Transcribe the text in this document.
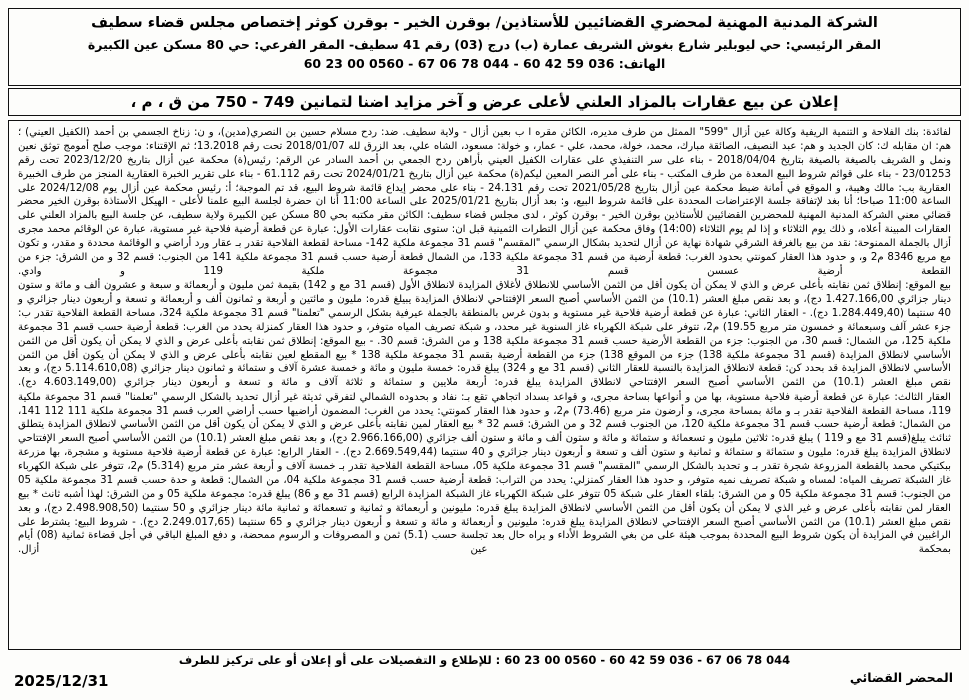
الشركة المدنية المهنية لمحضري القضائيين للأستاذين/ بوقرن الخير - بوقرن كوثر إختصاص مجلس قضاء سطيف
المقر الرئيسي: حي ليوبلير شارع بغوش الشريف عمارة (ب) درج (03) رقم 41 سطيف- المقر الفرعي: حي 80 مسكن عين الكبيرة
الهاتف: 036 59 42 60 - 044 78 06 67 - 0560 00 23 60
إعلان عن بيع عقارات بالمزاد العلني لأعلى عرض و آخر مزايد اضنا لتمانين 749 - 750 من ق ، م ،

لفائدة: بنك الفلاحة و التنمية الريفية وكالة عين أزال "599" الممثل من طرف مديره، الكائن مقره ا ب بعين أزال - ولاية سطيف. ضد: ردح مسلام حسين بن النصري(مدين)، و ن: زناخ الجسمي بن أحمد (الكفيل العيني) ؛ هم: ان مقابله ك: كان الجديد و هم: عبد النصيف، الصائقة مبارك، محمد، خولة، محمد، علي - عمار، و خولة: مسعود، الشاه علي، بعد الزرق لله 2018/01/07 تحت رقم 13.2018؛ ثم الإقتناء: موجب صلح أمومج توثق نعين ونمل و الشريف بالصيغة بالصيغة بتاريخ 2018/04/04 - بناء على سر التنفيذي على عقارات الكفيل العيني بأراهن ردح الجمعي بن أحمد السادر عن الرقم: رئيس(ة) محكمة عين أزال بتاريخ 2023/12/20 تحت رقم 23/01253 - بناء على قوائم شروط البيع المعدة من طرف المكتب - بناء على أمر النصر المعين ليكم(ة) محكمة عين أزال بتاريخ 2024/01/21 تحت رقم 61.112 - بناء على تقرير الخبرة العقارية المنجز من طرف الخبيرة العقارية بب: مالك وهيبة، و الموقع في أمانة ضبط محكمة عين أزال بتاريخ 2021/05/28 تحت رقم 24.131 - بناء على محضر إيداع قائمة شروط البيع، قد تم الموجبة؛ أ: رئيس محكمة عين أزال يوم 2024/12/08 على الساعة 11:00 صباحا؛ أنا بغد لإتفاقة جلسة الإعتراضات المحددة على قائمة شروط البيع، و: بعد أزال بتاريخ 2025/01/21 على الساعة 11:00 أنا ان حضرة لجلسة البيع علمنا لأعلى - الهيكل الأستاذة بوقرن الخير محضر قضائي معني الشركة المدنية المهنية للمحضرين القضائيين للأستاذين بوقرن الخير - بوقرن كوثر ، لدى مجلس قضاء سطيف: الكائن مقر مكتبه بحي 80 مسكن عين الكبيرة ولاية سطيف، عن جلسة البيع بالمزاد العلني على العقارات المبينة أعلاه، و ذلك يوم الثلاثاء و إذا لم يوم الثلاثاء (14:00) وفاق محكمة عين أزال التطرات الثمينية قبل ان: ستوى نقابت عقارات الأول: عبارة عن قطعة أرضية فلاحية غير مستوية، عبارة عن الوقائم محمد مجرى أزال بالجملة الممنوحة: نقد من بيع بالغرفة الشرقي شهادة نهاية عن أزال لتحديد بشكال الرسمي "المقسم" قسم 31 مجموعة ملكية 142- مساحة لقطعة الفلاحية تقدر بـ عقار ورد أراضي و الوقائمة محددة و مقدر، و تكون مع مربع 8346 م2 و، و حدود هذا العقار كمونتي بحدود الغرب: قطعة أرضية من قسم 31 مجموعة ملكية 133، من الشمال قطعة أرضية حسب قسم 31 مجموعة ملكية 141 من الجنوب: قسم 32 و من الشرق: جزء من القطعة أرضية عسسن قسم 31 مجموعة ملكية 119 و وادي.

بيع الموقع: إنطلاق ثمن نقابته بأعلى عرض و الذي لا يمكن أن يكون أقل من الثمن الأساسي للانطلاق لأغلاق المزايدة لانطلاق الأول (قسم 31 مع و 142) بقيمة ثمن مليون و أربعمائة و سبعة و عشرون ألف و مائة و ستون دينار جزائري 1.427.166,00 دج)، و بعد نقص مبلغ العشر (10.1) من الثمن الأساسي أصبح السعر الإفتتاحي لانطلاق المزايدة يبيلغ قدره: مليون و مائتين و أربعة و ثمانون ألف و أربعمائة و تسعة و أربعون دينار جزائري و 40 سنتيما (1.284.449,40 دج). - العقار الثاني: عبارة عن قطعة أرضية فلاحية غير مستوية و بدون غرس بالمنطقة بالجملة عيرفية بشكل الرسمي "تعلمنا" قسم 31 مجموعة ملكية 324، مساحة القطعة الفلاحية تقدر ب: جزء عشر آلف وسبعمائة و خمسون متر مربع 19.55) م2، تتوفر على شبكة الكهرباء غاز السنوية غير محدد، و شبكة تصريف المياه متوفر، و حدود هذا العقار كمنزلة يحدد من الغرب: قطعة أرضية حسب قسم 31 مجموعة ملكية 125، من الشمال: قسم 30، من الجنوب: جزء من القطعة الأرضية حسب قسم 31 مجموعة ملكية 138 و من الشرق: قسم 30. - بيع الموقع: إنطلاق ثمن نقابته بأعلى عرض و الذي لا يمكن أن يكون أقل من الثمن الأساسي لانطلاق المزايدة (قسم 31 مجموعة ملكية 138) جزء من الموقع 138) جزء من القطعة أرضية بقسم 31 مجموعة ملكية 138 * بيع المقطع لعين نقابته بأعلى عرض و الذي لا يمكن أن يكون أقل من الثمن الأساسي لانطلاق المزايدة قد بحدد كن: قطعة لانطلاق المزايدة بالنسبة للعقار الثاني (قسم 31 مع و 324) يبلغ قدره: خمسة مليون و مائة و خمسة عشرة آلاف و ستمائة و ثمانون دينار جزائري (5.114.610,08 دج)، و بعد نقص مبلغ العشر (10.1) من الثمن الأساسي أصبح السعر الإفتتاحي لانطلاق المزايدة يبلغ قدره: أربعة ملايين و ستمائة و ثلاثة آلاف و مائة و تسعة و أربعون دينار جزائري (4.603.149,00 دج).

العقار الثالث: عبارة عن قطعة أرضية فلاحية مستوية، بها من و أنواعها بساحة مجرى، و قواعد بسداد اتجاهي تقع بـ: نفاد و بحدوده الشمالي لتفرقي ثديثة غير أزال تحديد بالشكل الرسمي "تعلمنا" قسم 31 مجموعة ملكية 119، مساحة القطعة الفلاحية تقدر بـ و مائة بمساحة مجرى، و أرضون متر مربع (73.46) م2، و حدود هذا العقار كمونتي: يحدد من الغرب: المضمون أراضيها حسب أراضي العرب قسم 31 مجموعة ملكية 111 112 141، من الشمال: قطعة أرضية حسب قسم 31 مجموعة ملكية 120، من الجنوب قسم 32 و من الشرق: قسم 32 * بيع العقار لمين نقابته بأعلى عرض و الذي لا يمكن أن يكون أقل من الثمن الأساسي لانطلاق المزايدة يتطلق ثنائث يبلغ(قسم 31 مع و 119 ) يبلغ قدره: ثلاثين مليون و تسعمائة و ستمائة و مائة و ستون ألف و مائة و ستون ألف جزائري (2.966.166,00 دج)، و بعد نقص مبلغ العشر (10.1) من الثمن الأساسي أصبح السعر الإفتتاحي لانطلاق المزايدة يبلغ قدره: مليون و ستمائة و ستمائة و ثمانية و ستون ألف و تسعة و أربعون دينار جزائري و 40 سنتيما (2.669.549,44 دج). - العقار الرابع: عبارة عن قطعة أرضية فلاحية مستوية و مشجرة، بها مزرعة ببكتيكي محمد بالقطعة المزروعة شجرة تقدر بـ و تحديد بالشكل الرسمي "المقسم" قسم 31 مجموعة ملكية 05، مساحة القطعة الفلاحية تقدر بـ خمسة آلاف و أربعة عشر متر مربع (5.314) م2، تتوفر على شبكة الكهرباء غاز الشبكة تصريف المياه: لمساه و شبكة تصريف نميه متوفر، و حدود هذا العقار كمنزلي: يحدد من التراب: قطعة أرضية حسب قسم 31 مجموعة ملكية 04، من الشمال: قطعة و حدة حسب قسم 31 مجموعة ملكية 05 من الجنوب: قسم 31 مجموعة ملكية 05 و من الشرق: بلقاء العقار على شبكة 05 تتوفر على شبكة الكهرباء غاز الشبكة المزايدة الرابع (قسم 31 مع و 86) يبلغ قدره: مجموعة ملكية 05 و من الشرق: لهذا أشبه ثانث * بيع العقار لمن نقابته بأعلى عرض و غير الذي لا يمكن أن يكون أقل من الثمن الأساسي لانطلاق المزايدة يبلغ قدره: مليونين و أربعمائة و ثمانية و تسعمائة و ثمانية مائة دينار جزائري و 50 سنتيما (2.498.908,50 دج)، و بعد نقص مبلغ العشر (10.1) من الثمن الأساسي أصبح السعر الإفتتاحي لانطلاق المزايدة يبلغ قدره: مليونين و أربعمائة و مائة و تسعة و أربعون دينار جزائري و 65 سنتيما (2.249.017,65 دج). - شروط البيع: يشترط على الراغبين في المزايدة أن يكون شروط البيع المحددة بموجب هيئة على من بغي الشروط الأداء و يراه حال بعد تجلسة حسب (5.1) ثمن و المصروفات و الرسوم ممحضة، و دفع المبلغ الباقي في أجل قضاءة ثمانية (08) أيام بمحكمة عين أزال.

044 78 06 67 - 036 59 42 60 - 0560 00 23 60 : للإطلاع و التفصيلات على أو إعلان أو على تركيز للطرف
2025/12/31	المحضر القضائي
